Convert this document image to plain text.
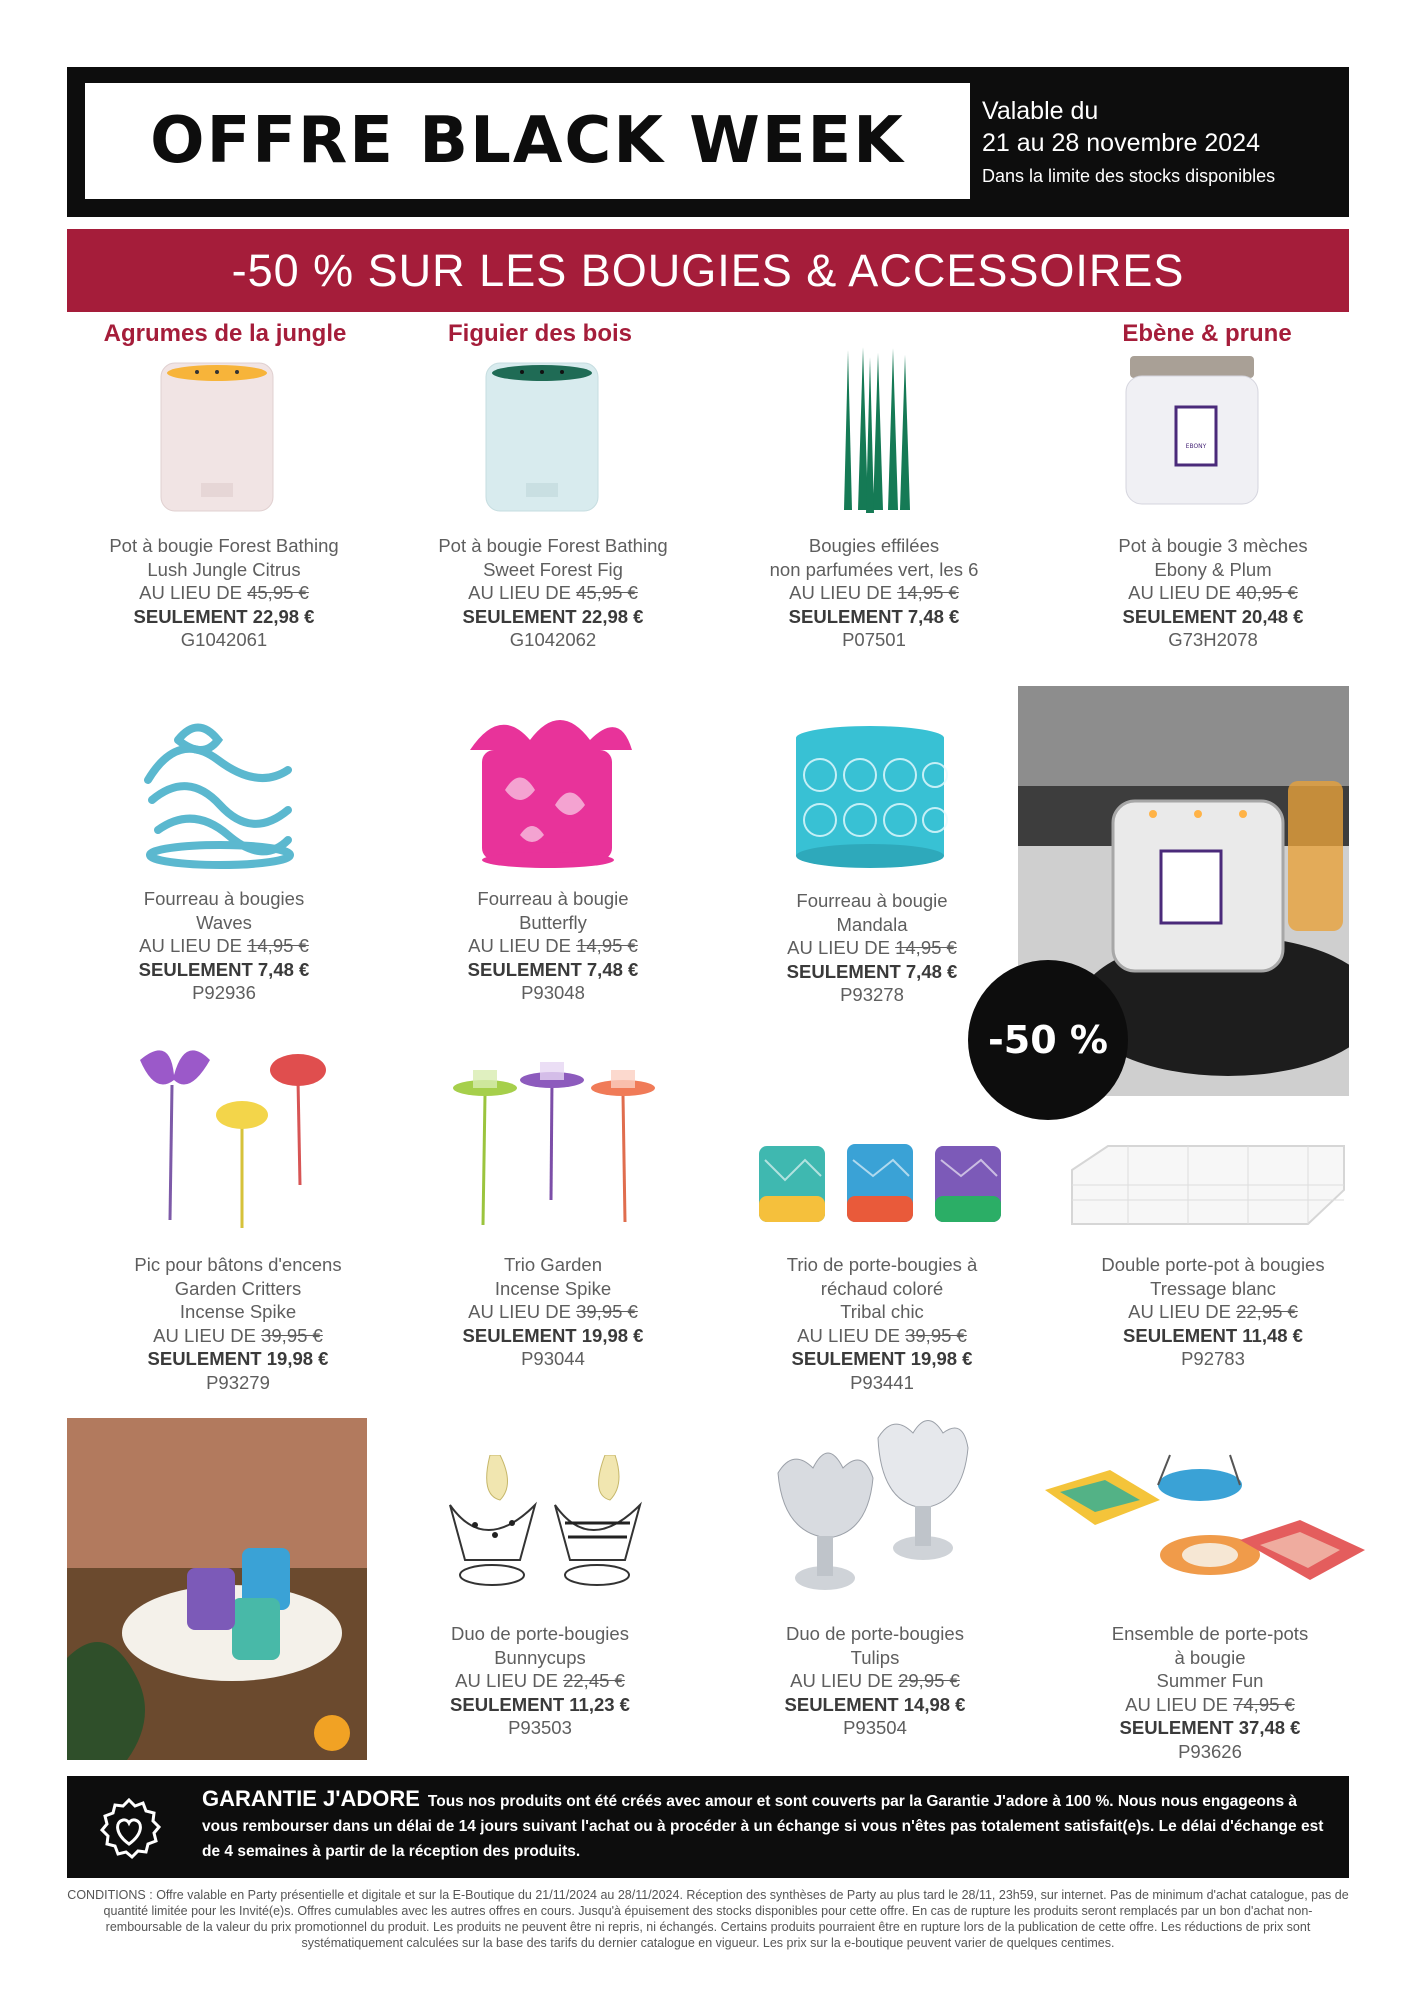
OFFRE BLACK WEEK	Valable du
21 au 28 novembre 2024
Dans la limite des stocks disponibles
-50 % SUR LES BOUGIES & ACCESSOIRES
Agrumes de la jungle	Figuier des bois	Ebène & prune
EBONY
Pot à bougie Forest Bathing
Lush Jungle Citrus
AU LIEU DE 45,95 €
SEULEMENT 22,98 €
G1042061
Pot à bougie Forest Bathing
Sweet Forest Fig
AU LIEU DE 45,95 €
SEULEMENT 22,98 €
G1042062
Bougies effilées
non parfumées vert, les 6
AU LIEU DE 14,95 €
SEULEMENT 7,48 €
P07501
Pot à bougie 3 mèches
Ebony & Plum
AU LIEU DE 40,95 €
SEULEMENT 20,48 €
G73H2078
Fourreau à bougies
Waves
AU LIEU DE 14,95 €
SEULEMENT 7,48 €
P92936
Fourreau à bougie
Butterfly
AU LIEU DE 14,95 €
SEULEMENT 7,48 €
P93048
Fourreau à bougie
Mandala
AU LIEU DE 14,95 €
SEULEMENT 7,48 €
P93278
Pic pour bâtons d'encens
Garden Critters
Incense Spike
AU LIEU DE 39,95 €
SEULEMENT 19,98 €
P93279
Trio Garden
Incense Spike
AU LIEU DE 39,95 €
SEULEMENT 19,98 €
P93044
Trio de porte-bougies à
réchaud coloré
Tribal chic
AU LIEU DE 39,95 €
SEULEMENT 19,98 €
P93441
Double porte-pot à bougies
Tressage blanc
AU LIEU DE 22,95 €
SEULEMENT 11,48 €
P92783
Duo de porte-bougies
Bunnycups
AU LIEU DE 22,45 €
SEULEMENT 11,23 €
P93503
Duo de porte-bougies
Tulips
AU LIEU DE 29,95 €
SEULEMENT 14,98 €
P93504
Ensemble de porte-pots
à bougie
Summer Fun
AU LIEU DE 74,95 €
SEULEMENT 37,48 €
P93626
-50 %
GARANTIE J'ADORE Tous nos produits ont été créés avec amour et sont couverts par la Garantie J'adore à 100 %. Nous nous engageons à vous rembourser dans un délai de 14 jours suivant l'achat ou à procéder à un échange si vous n'êtes pas totalement satisfait(e)s. Le délai d'échange est de 4 semaines à partir de la réception des produits.
CONDITIONS : Offre valable en Party présentielle et digitale et sur la E-Boutique du 21/11/2024 au 28/11/2024. Réception des synthèses de Party au plus tard le 28/11, 23h59, sur internet. Pas de minimum d'achat catalogue, pas de quantité limitée pour les Invité(e)s. Offres cumulables avec les autres offres en cours. Jusqu'à épuisement des stocks disponibles pour cette offre. En cas de rupture les produits seront remplacés par un bon d'achat non-remboursable de la valeur du prix promotionnel du produit. Les produits ne peuvent être ni repris, ni échangés. Certains produits pourraient être en rupture lors de la publication de cette offre. Les réductions de prix sont systématiquement calculées sur la base des tarifs du dernier catalogue en vigueur. Les prix sur la e-boutique peuvent varier de quelques centimes.
